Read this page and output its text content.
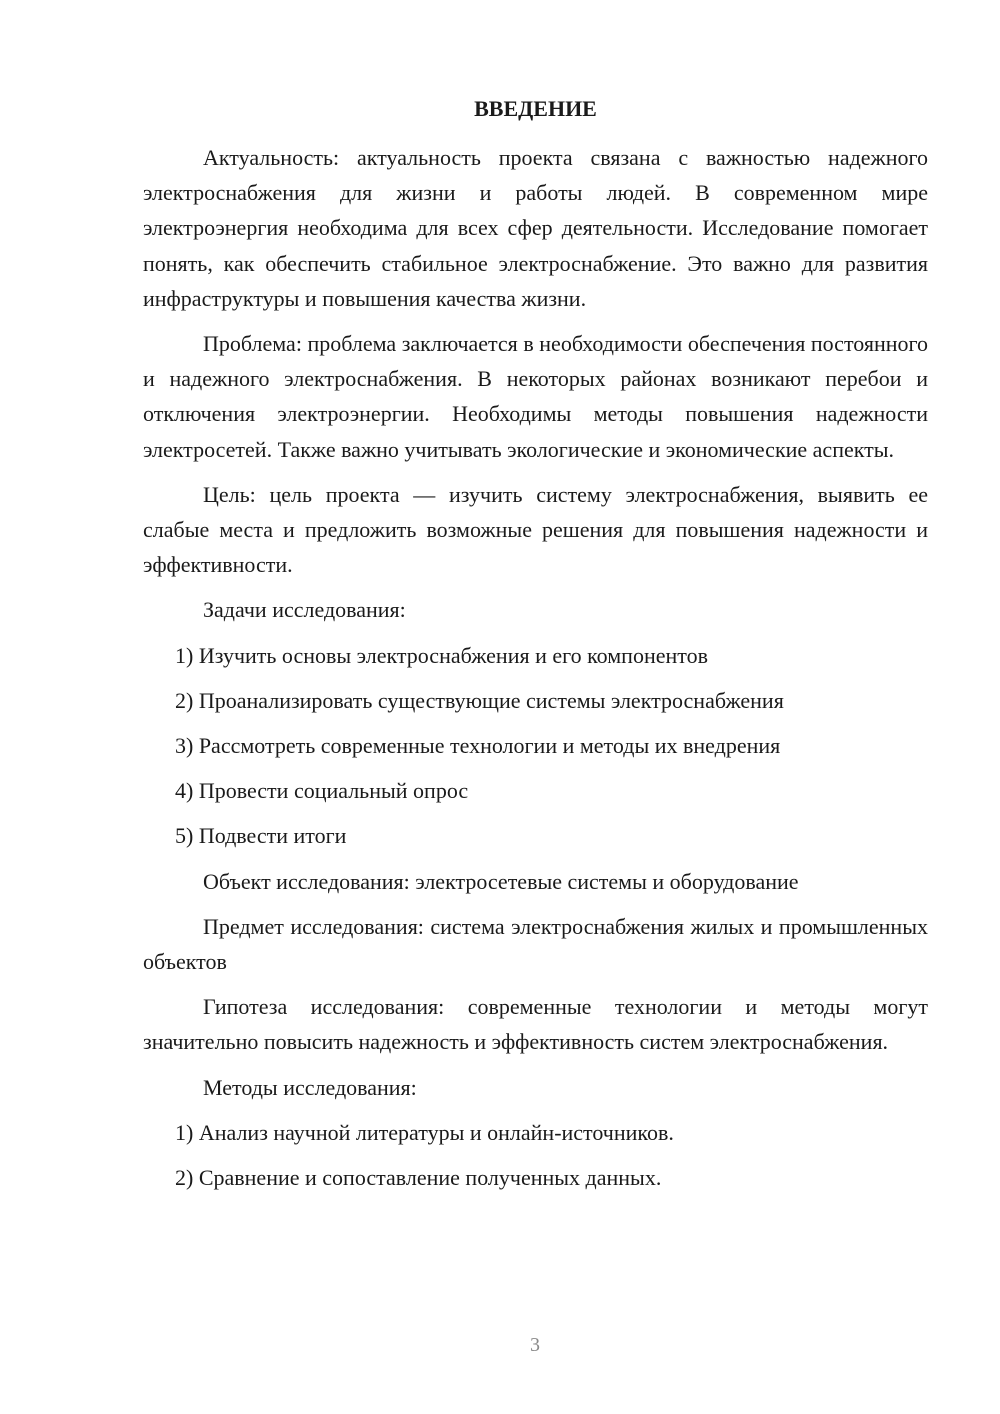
ВВЕДЕНИЕ

Актуальность: актуальность проекта связана с важностью надежного электроснабжения для жизни и работы людей. В современном мире электроэнергия необходима для всех сфер деятельности. Исследование помогает понять, как обеспечить стабильное электроснабжение. Это важно для развития инфраструктуры и повышения качества жизни.

Проблема: проблема заключается в необходимости обеспечения постоянного и надежного электроснабжения. В некоторых районах возникают перебои и отключения электроэнергии. Необходимы методы повышения надежности электросетей. Также важно учитывать экологические и экономические аспекты.

Цель: цель проекта — изучить систему электроснабжения, выявить ее слабые места и предложить возможные решения для повышения надежности и эффективности.

Задачи исследования:

1) Изучить основы электроснабжения и его компонентов
2) Проанализировать существующие системы электроснабжения
3) Рассмотреть современные технологии и методы их внедрения
4) Провести социальный опрос
5) Подвести итоги

Объект исследования: электросетевые системы и оборудование

Предмет исследования: система электроснабжения жилых и промышленных объектов

Гипотеза исследования: современные технологии и методы могут значительно повысить надежность и эффективность систем электроснабжения.

Методы исследования:

1) Анализ научной литературы и онлайн-источников.
2) Сравнение и сопоставление полученных данных.
3
